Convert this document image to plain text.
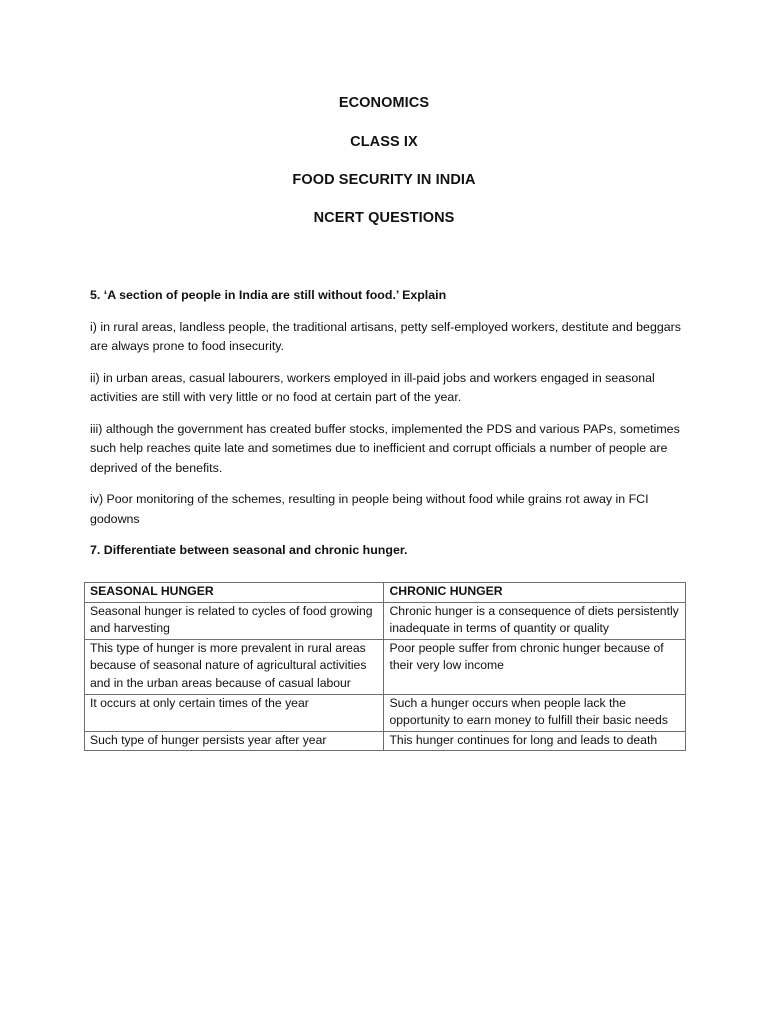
ECONOMICS
CLASS IX
FOOD SECURITY IN INDIA
NCERT QUESTIONS

5. ‘A section of people in India are still without food.’ Explain

i) in rural areas, landless people, the traditional artisans, petty self-employed workers, destitute and beggars are always prone to food insecurity.

ii) in urban areas, casual labourers, workers employed in ill-paid jobs and workers engaged in seasonal activities are still with very little or no food at certain part of the year.

iii) although the government has created buffer stocks, implemented the PDS and various PAPs, sometimes such help reaches quite late and sometimes due to inefficient and corrupt officials a number of people are deprived of the benefits.

iv) Poor monitoring of the schemes, resulting in people being without food while grains rot away in FCI godowns

7. Differentiate between seasonal and chronic hunger.

SEASONAL HUNGER	CHRONIC HUNGER
Seasonal hunger is related to cycles of food growing and harvesting	Chronic hunger is a consequence of diets persistently inadequate in terms of quantity or quality
This type of hunger is more prevalent in rural areas because of seasonal nature of agricultural activities and in the urban areas because of casual labour	Poor people suffer from chronic hunger because of their very low income
It occurs at only certain times of the year	Such a hunger occurs when people lack the opportunity to earn money to fulfill their basic needs
Such type of hunger persists year after year	This hunger continues for long and leads to death
